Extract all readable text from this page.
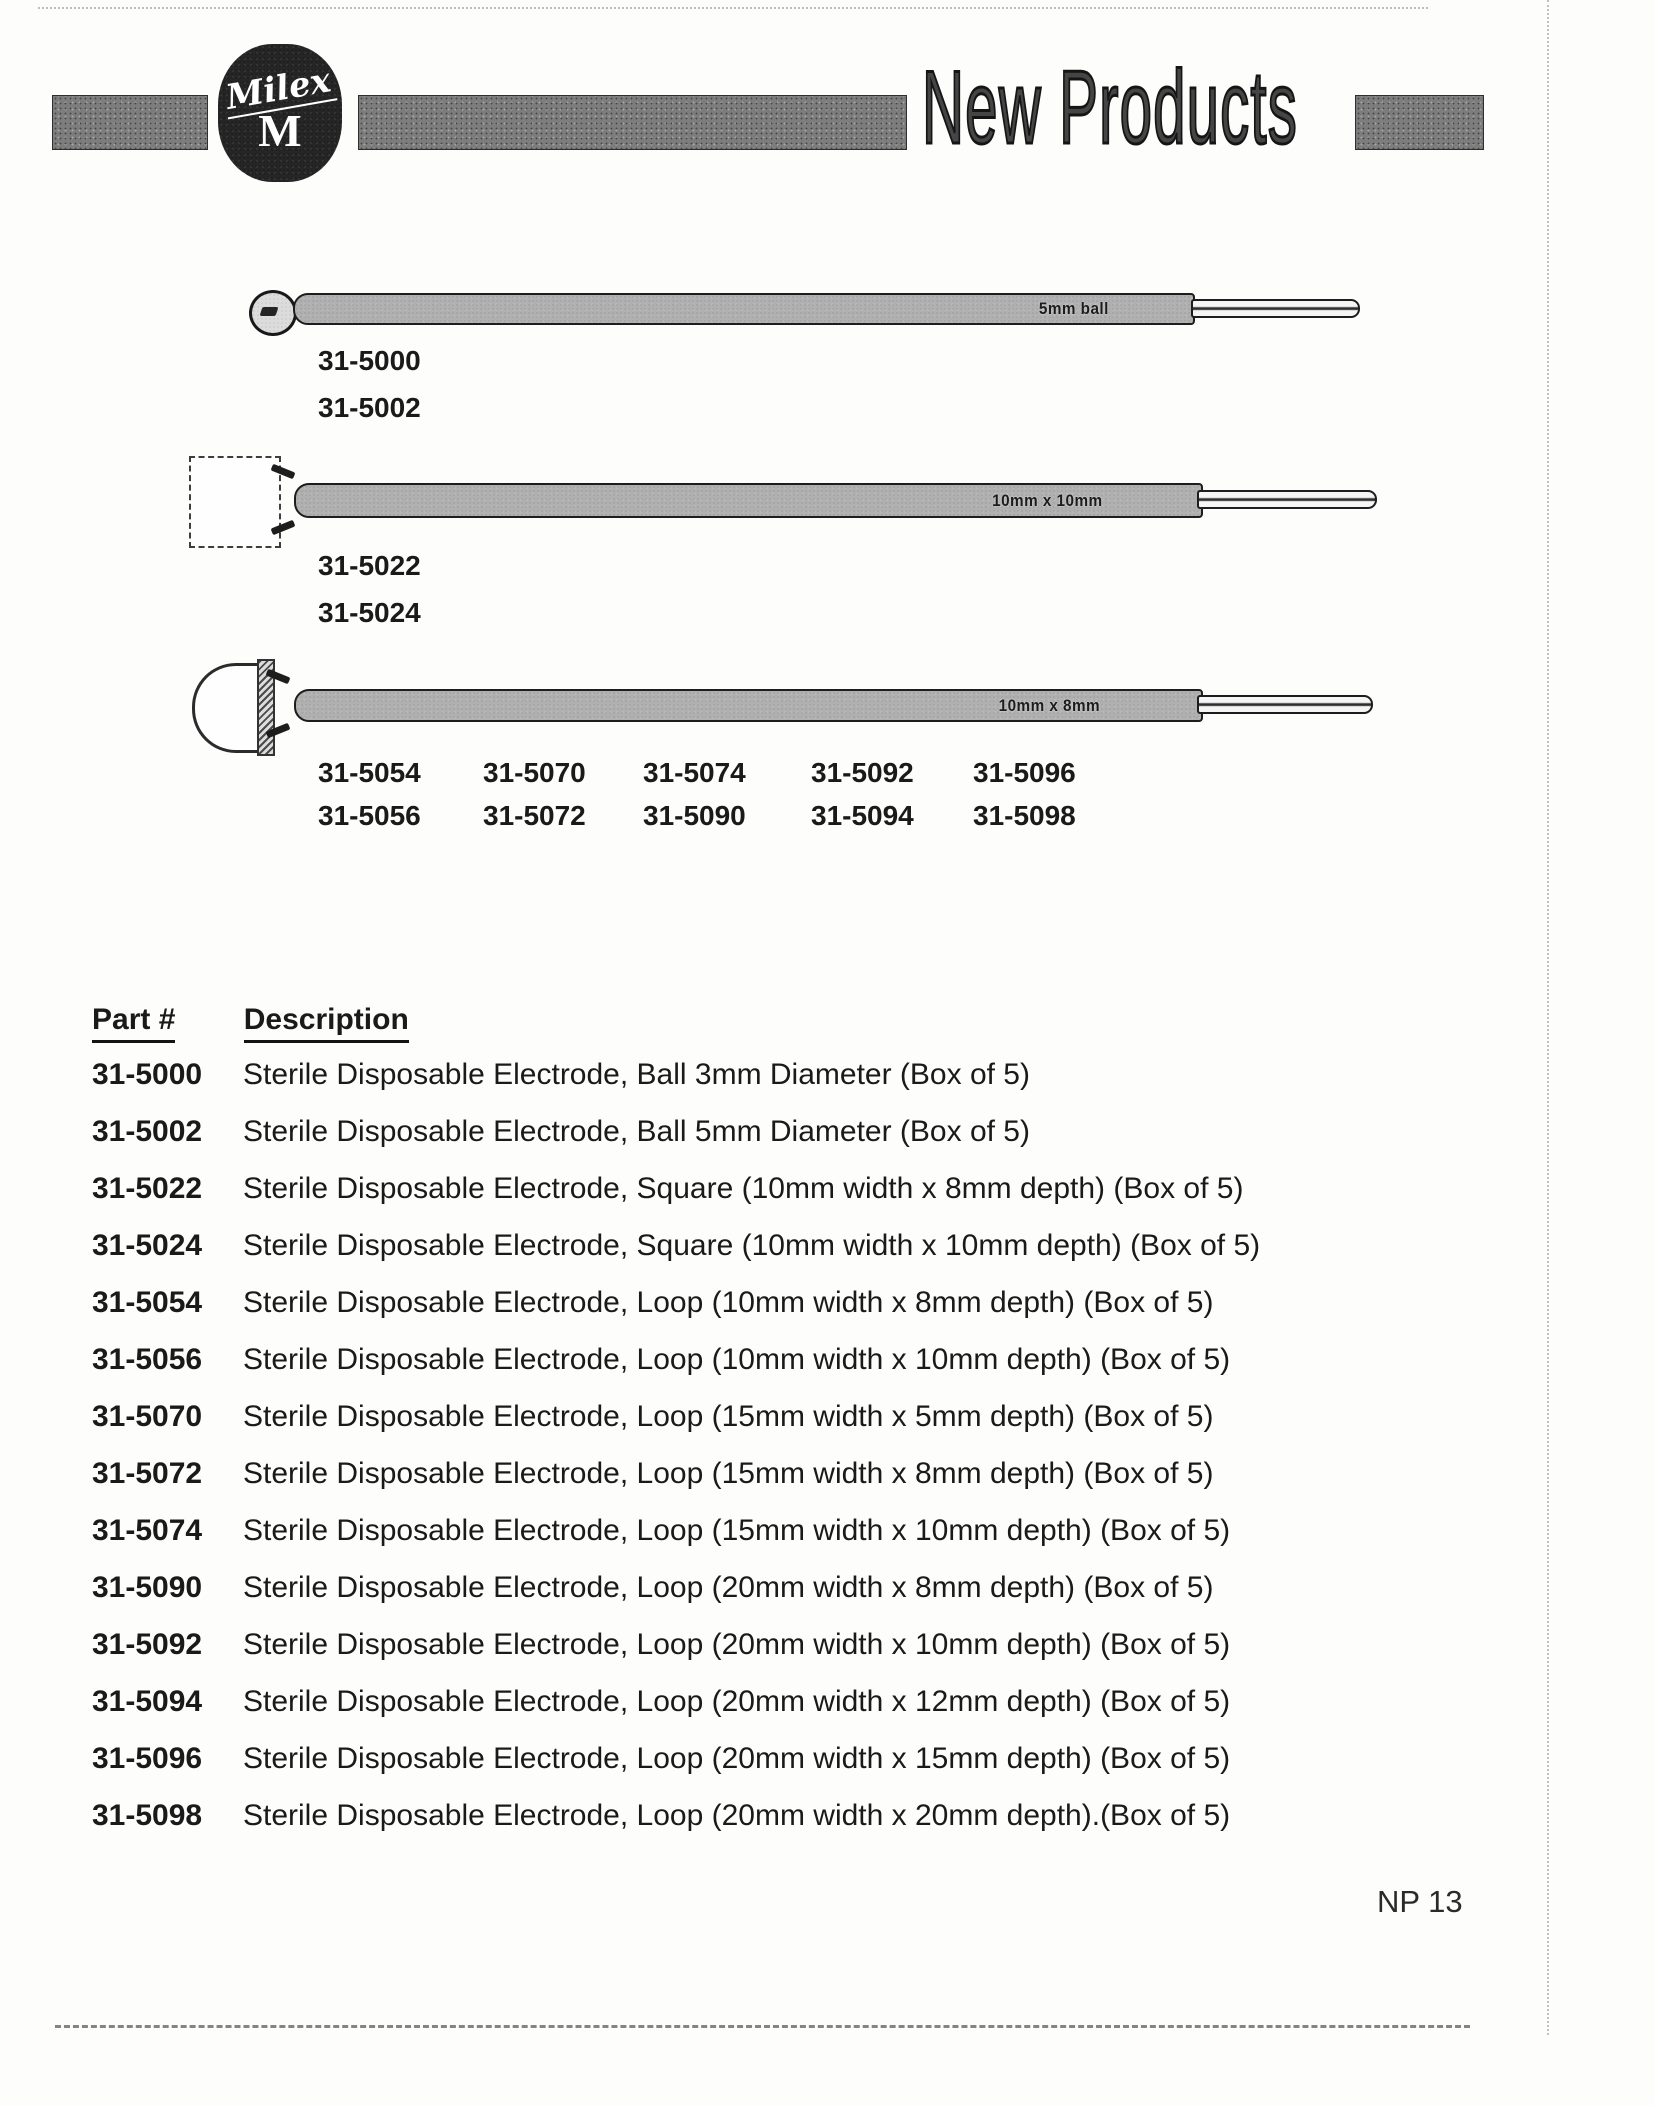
Milex
M	New Products
5mm ball
31-5000
31-5002
10mm x 10mm
31-5022
31-5024
10mm x 8mm
31-5054 31-5070 31-5074 31-5092 31-5096
31-5056 31-5072 31-5090 31-5094 31-5098
Part # Description
31-5000	Sterile Disposable Electrode, Ball 3mm Diameter (Box of 5)
31-5002	Sterile Disposable Electrode, Ball 5mm Diameter (Box of 5)
31-5022	Sterile Disposable Electrode, Square (10mm width x 8mm depth) (Box of 5)
31-5024	Sterile Disposable Electrode, Square (10mm width x 10mm depth) (Box of 5)
31-5054	Sterile Disposable Electrode, Loop (10mm width x 8mm depth) (Box of 5)
31-5056	Sterile Disposable Electrode, Loop (10mm width x 10mm depth) (Box of 5)
31-5070	Sterile Disposable Electrode, Loop (15mm width x 5mm depth) (Box of 5)
31-5072	Sterile Disposable Electrode, Loop (15mm width x 8mm depth) (Box of 5)
31-5074	Sterile Disposable Electrode, Loop (15mm width x 10mm depth) (Box of 5)
31-5090	Sterile Disposable Electrode, Loop (20mm width x 8mm depth) (Box of 5)
31-5092	Sterile Disposable Electrode, Loop (20mm width x 10mm depth) (Box of 5)
31-5094	Sterile Disposable Electrode, Loop (20mm width x 12mm depth) (Box of 5)
31-5096	Sterile Disposable Electrode, Loop (20mm width x 15mm depth) (Box of 5)
31-5098	Sterile Disposable Electrode, Loop (20mm width x 20mm depth).(Box of 5)
NP 13
